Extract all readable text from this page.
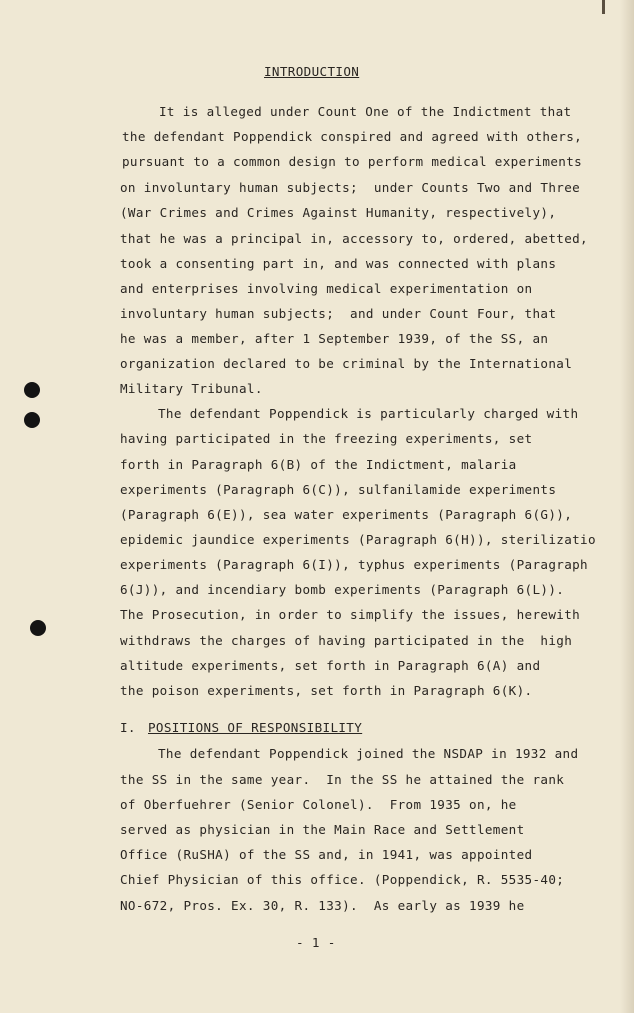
INTRODUCTION
It is alleged under Count One of the Indictment that
the defendant Poppendick conspired and agreed with others,
pursuant to a common design to perform medical experiments
on involuntary human subjects;  under Counts Two and Three
(War Crimes and Crimes Against Humanity, respectively),
that he was a principal in, accessory to, ordered, abetted,
took a consenting part in, and was connected with plans
and enterprises involving medical experimentation on
involuntary human subjects;  and under Count Four, that
he was a member, after 1 September 1939, of the SS, an
organization declared to be criminal by the International
Military Tribunal.
The defendant Poppendick is particularly charged with
having participated in the freezing experiments, set
forth in Paragraph 6(B) of the Indictment, malaria
experiments (Paragraph 6(C)), sulfanilamide experiments
(Paragraph 6(E)), sea water experiments (Paragraph 6(G)),
epidemic jaundice experiments (Paragraph 6(H)), sterilizatio
experiments (Paragraph 6(I)), typhus experiments (Paragraph
6(J)), and incendiary bomb experiments (Paragraph 6(L)).
The Prosecution, in order to simplify the issues, herewith
withdraws the charges of having participated in the  high
altitude experiments, set forth in Paragraph 6(A) and
the poison experiments, set forth in Paragraph 6(K).
I. POSITIONS OF RESPONSIBILITY
The defendant Poppendick joined the NSDAP in 1932 and
the SS in the same year.  In the SS he attained the rank
of Oberfuehrer (Senior Colonel).  From 1935 on, he
served as physician in the Main Race and Settlement
Office (RuSHA) of the SS and, in 1941, was appointed
Chief Physician of this office. (Poppendick, R. 5535-40;
NO-672, Pros. Ex. 30, R. 133).  As early as 1939 he
- 1 -
